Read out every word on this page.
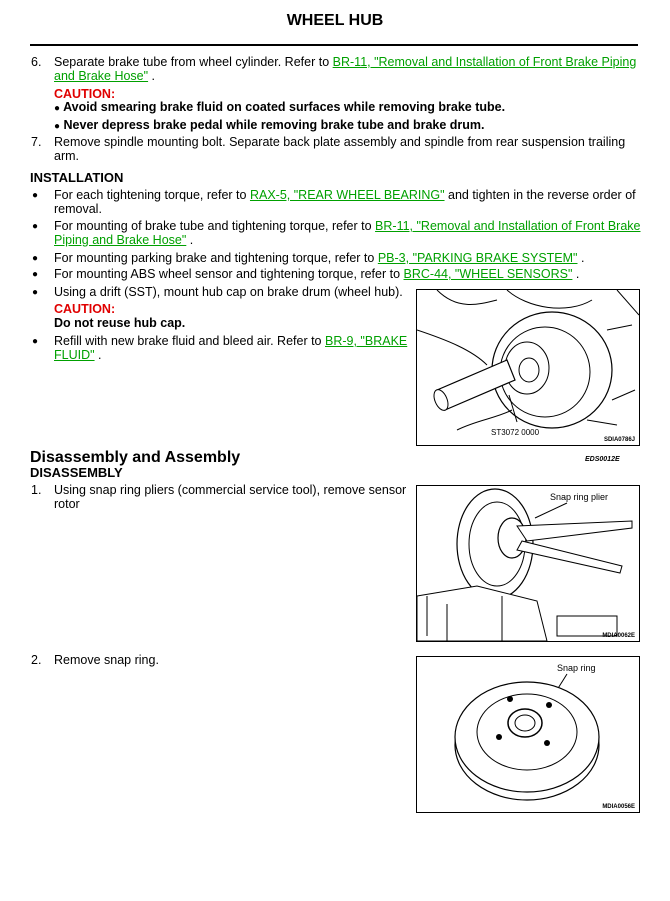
WHEEL HUB
6.	Separate brake tube from wheel cylinder. Refer to BR-11, "Removal and Installation of Front Brake Piping
and Brake Hose" .
CAUTION:
● Avoid smearing brake fluid on coated surfaces while removing brake tube.
● Never depress brake pedal while removing brake tube and brake drum.
7.	Remove spindle mounting bolt. Separate back plate assembly and spindle from rear suspension trailing
arm.
INSTALLATION
● For each tightening torque, refer to RAX-5, "REAR WHEEL BEARING" and tighten in the reverse order of
removal.
● For mounting of brake tube and tightening torque, refer to BR-11, "Removal and Installation of Front Brake
Piping and Brake Hose" .
● For mounting parking brake and tightening torque, refer to PB-3, "PARKING BRAKE SYSTEM" .
● For mounting ABS wheel sensor and tightening torque, refer to BRC-44, "WHEEL SENSORS" .
● Using a drift (SST), mount hub cap on brake drum (wheel hub).
CAUTION:
Do not reuse hub cap.
● Refill with new brake fluid and bleed air. Refer to BR-9, "BRAKE
FLUID" .
ST3072 0000
SDIA0786J
Disassembly and Assembly	EDS0012E
DISASSEMBLY
1.	Using snap ring pliers (commercial service tool), remove sensor
rotor	Snap ring plier
MDIA0062E
2.	Remove snap ring.
Snap ring
MDIA0056E
